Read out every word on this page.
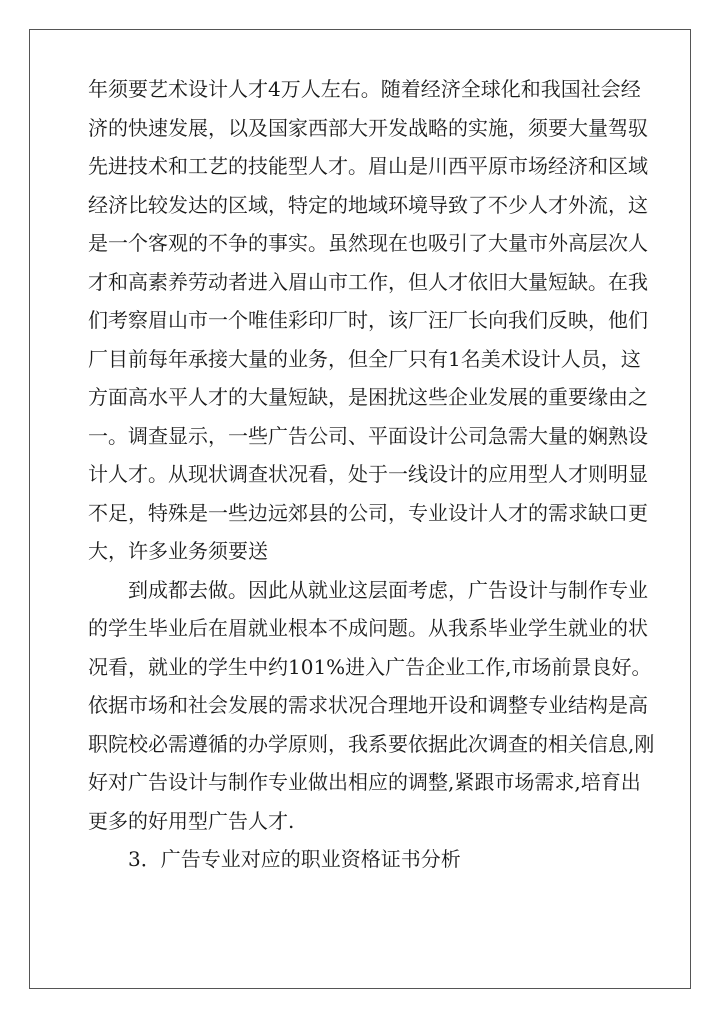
年须要艺术设计人才4万人左右。随着经济全球化和我国社会经
济的快速发展，以及国家西部大开发战略的实施，须要大量驾驭
先进技术和工艺的技能型人才。眉山是川西平原市场经济和区域
经济比较发达的区域，特定的地域环境导致了不少人才外流，这
是一个客观的不争的事实。虽然现在也吸引了大量市外高层次人
才和高素养劳动者进入眉山市工作，但人才依旧大量短缺。在我
们考察眉山市一个唯佳彩印厂时，该厂汪厂长向我们反映，他们
厂目前每年承接大量的业务，但全厂只有1名美术设计人员，这
方面高水平人才的大量短缺，是困扰这些企业发展的重要缘由之
一。调查显示，一些广告公司、平面设计公司急需大量的娴熟设
计人才。从现状调查状况看，处于一线设计的应用型人才则明显
不足，特殊是一些边远郊县的公司，专业设计人才的需求缺口更
大，许多业务须要送
到成都去做。因此从就业这层面考虑，广告设计与制作专业
的学生毕业后在眉就业根本不成问题。从我系毕业学生就业的状
况看，就业的学生中约101%进入广告企业工作,市场前景良好。
依据市场和社会发展的需求状况合理地开设和调整专业结构是高
职院校必需遵循的办学原则，我系要依据此次调查的相关信息,刚
好对广告设计与制作专业做出相应的调整,紧跟市场需求,培育出
更多的好用型广告人才.
3．广告专业对应的职业资格证书分析
